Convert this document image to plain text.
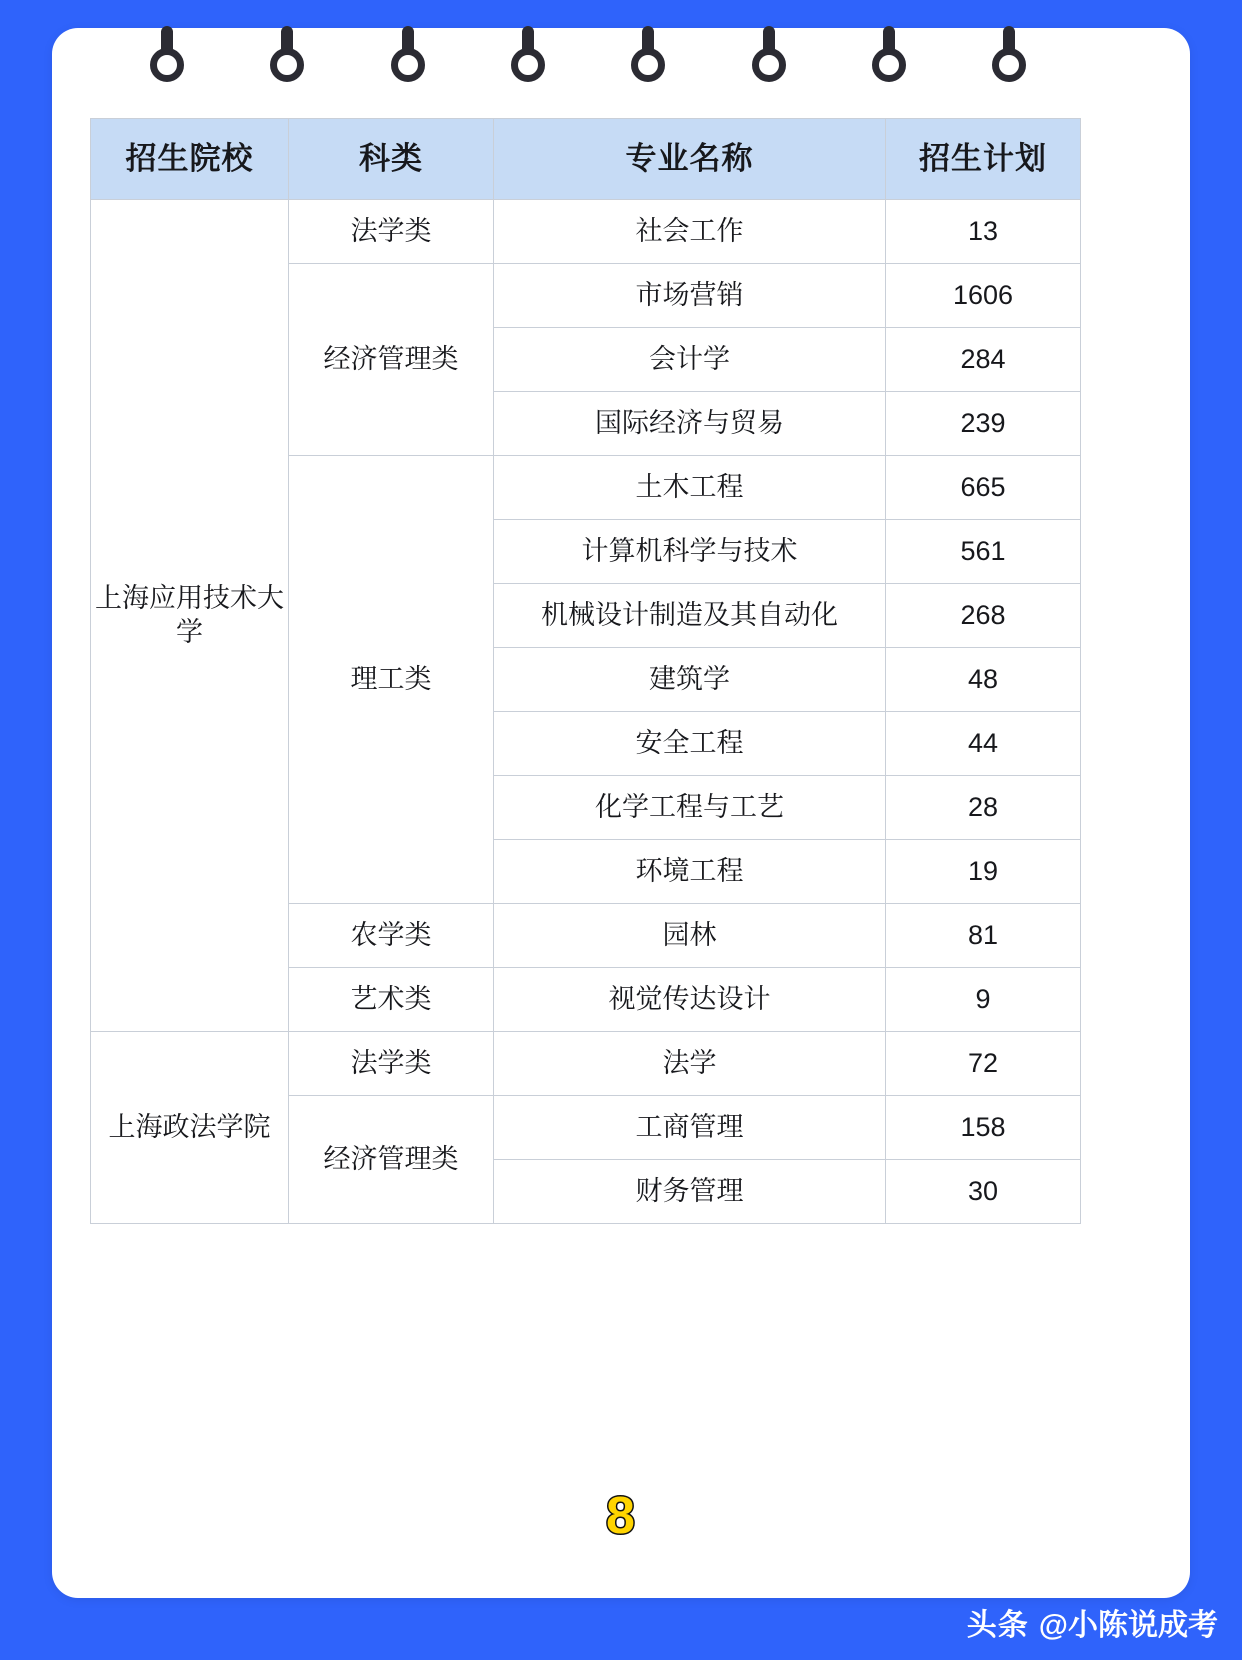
招生院校	科类	专业名称	招生计划
上海应用技术大学	法学类	社会工作	13
	经济管理类	市场营销	1606
		会计学	284
		国际经济与贸易	239
	理工类	土木工程	665
		计算机科学与技术	561
		机械设计制造及其自动化	268
		建筑学	48
		安全工程	44
		化学工程与工艺	28
		环境工程	19
	农学类	园林	81
	艺术类	视觉传达设计	9
上海政法学院	法学类	法学	72
	经济管理类	工商管理	158
		财务管理	30
8
头条 @小陈说成考
